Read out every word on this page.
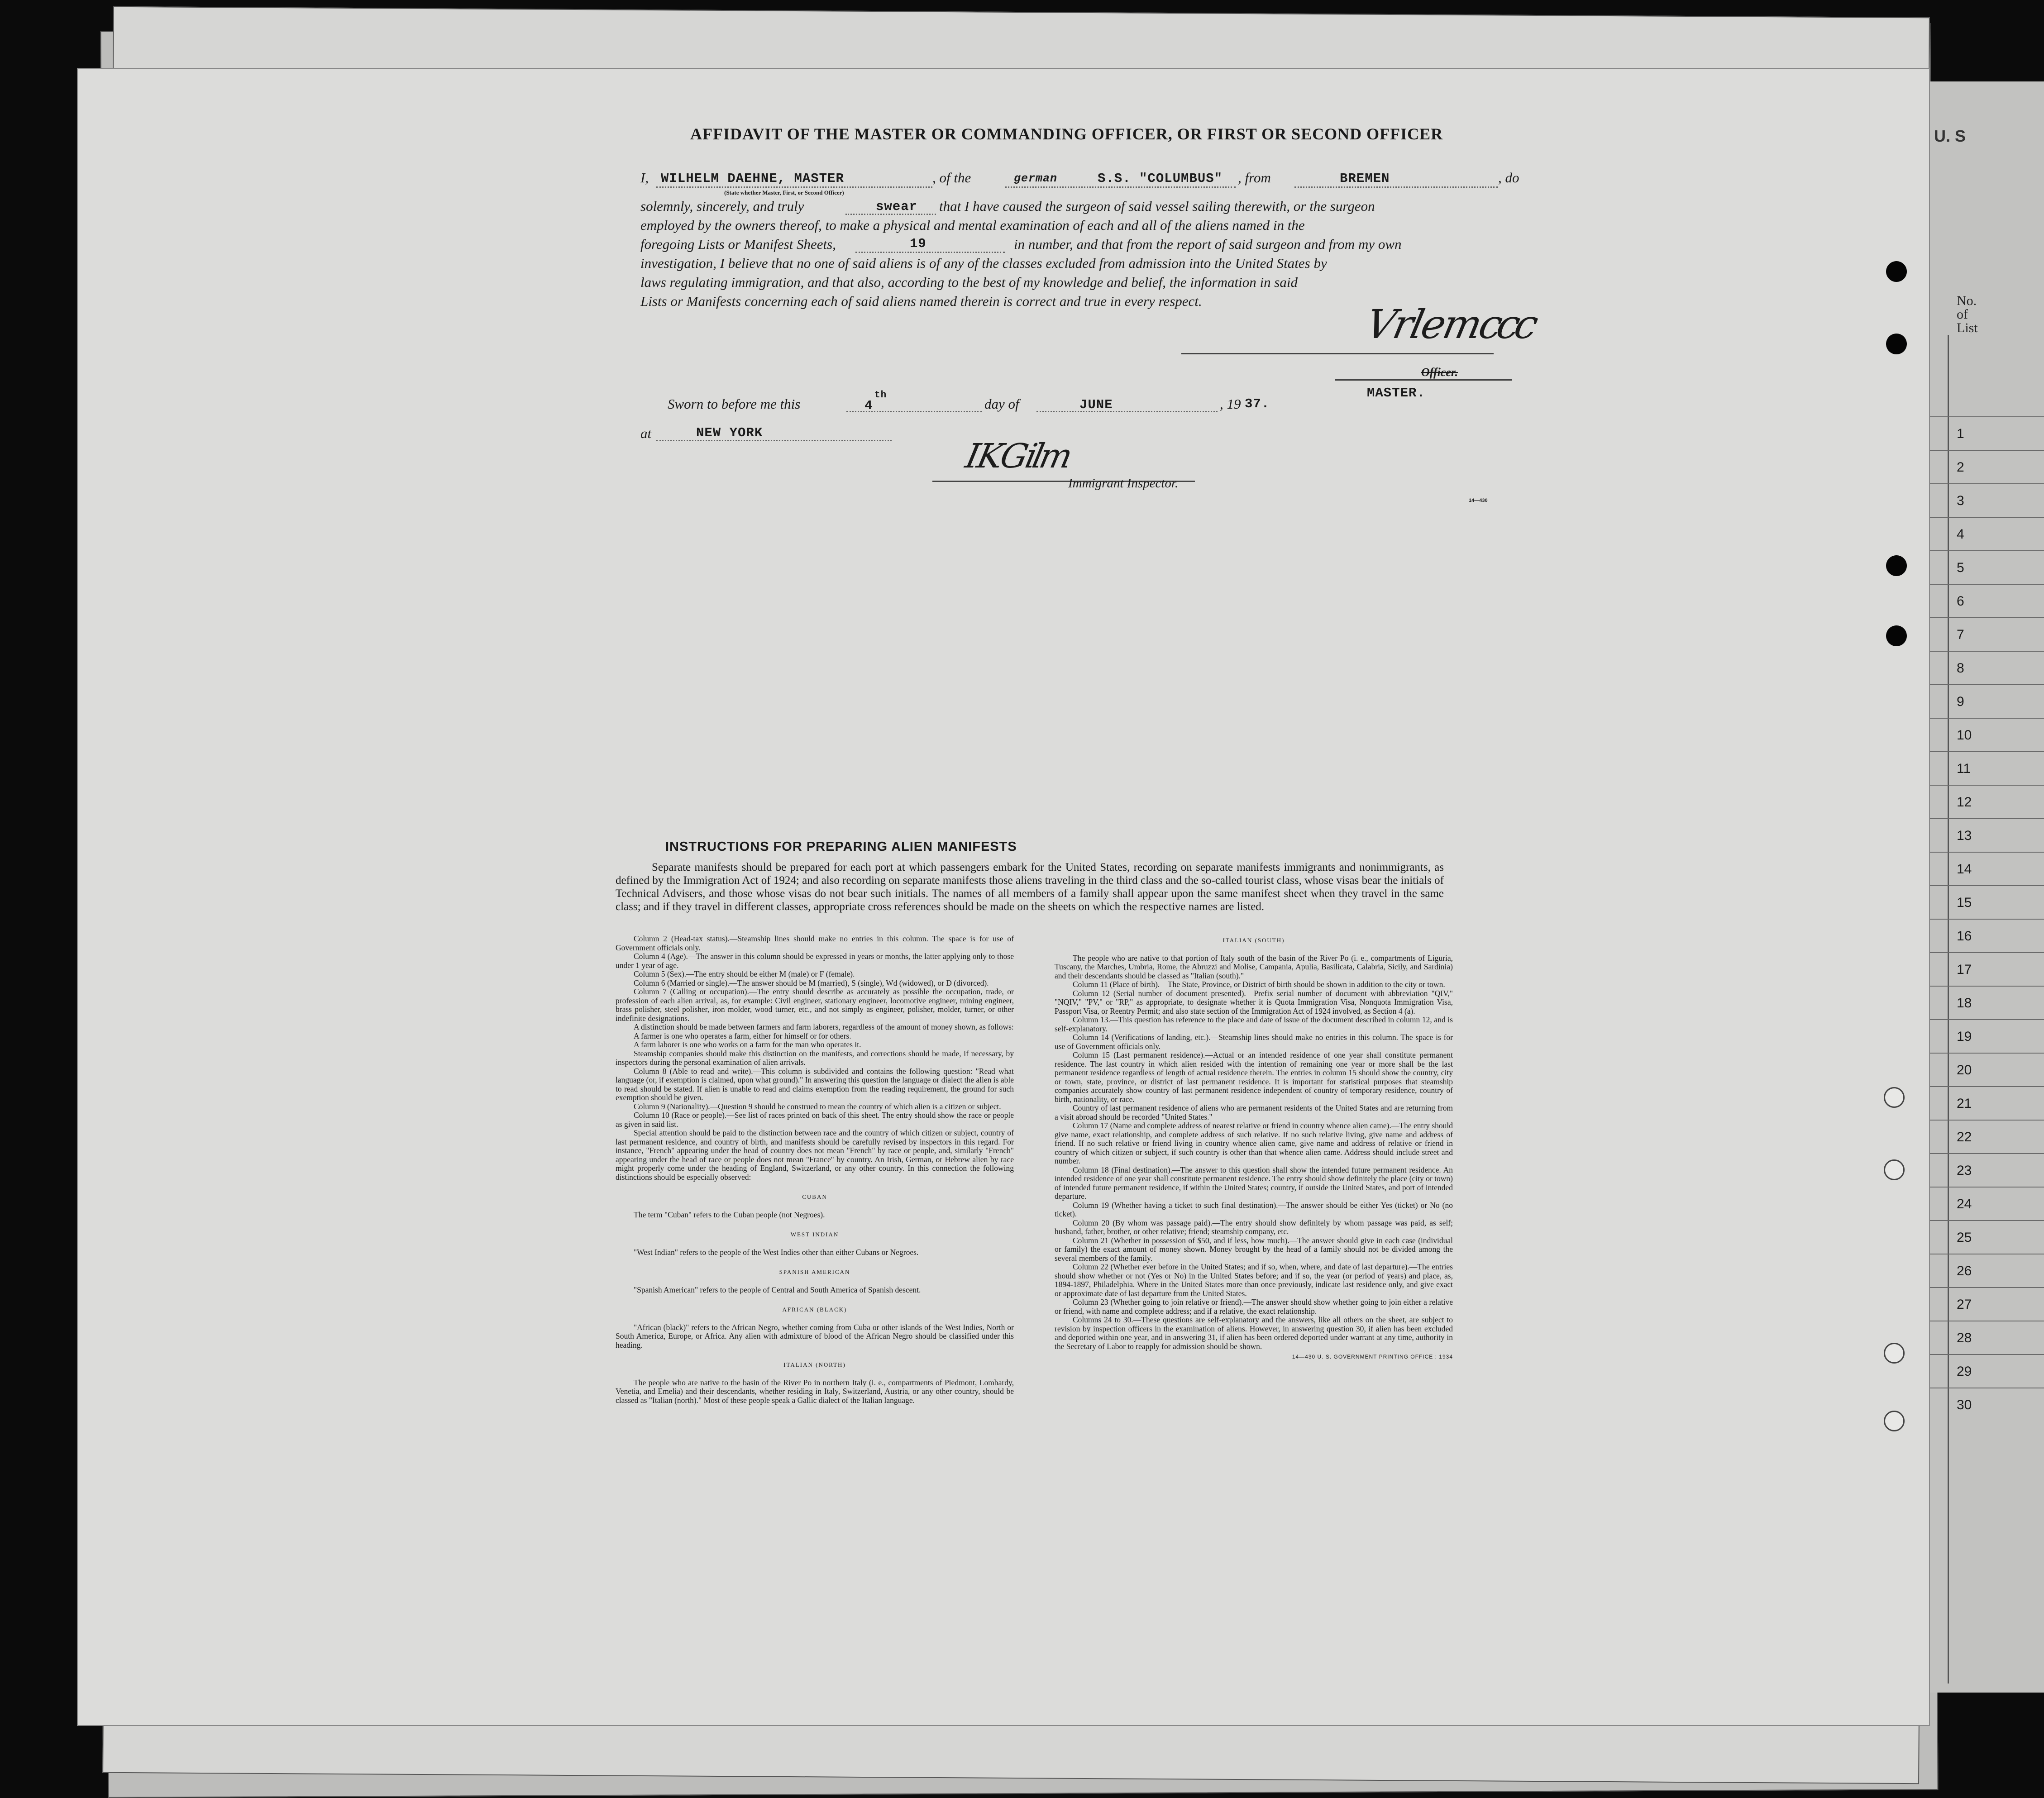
U. S
No.
of
List
1
2
3
4
5
6
7
8
9
10
11
12
13
14
15
16
17
18
19
20
21
22
23
24
25
26
27
28
29
30
AFFIDAVIT OF THE MASTER OR COMMANDING OFFICER, OR FIRST OR SECOND OFFICER
I, WILHELM DAEHNE, MASTER
(State whether Master, First, or Second Officer)
, of the	german	S.S. "COLUMBUS" , from	BREMEN	, do
solemnly, sincerely, and truly	swear that I have caused the surgeon of said vessel sailing therewith, or the surgeon
employed by the owners thereof, to make a physical and mental examination of each and all of the aliens named in the
foregoing Lists or Manifest Sheets,	19	in number, and that from the report of said surgeon and from my own
investigation, I believe that no one of said aliens is of any of the classes excluded from admission into the United States by
laws regulating immigration, and that also, according to the best of my knowledge and belief, the information in said
Lists or Manifests concerning each of said aliens named therein is correct and true in every respect.	Vrlemccc
Officer.
MASTER.
Sworn to before me this	4
th
day of	JUNE	, 19 37.
at	NEW YORK
IKGilm
Immigrant Inspector.
14—430
INSTRUCTIONS FOR PREPARING ALIEN MANIFESTS

Separate manifests should be prepared for each port at which passengers embark for the United States, recording on separate manifests immigrants and nonimmigrants, as defined by the Immigration Act of 1924; and also recording on separate manifests those aliens traveling in the third class and the so-called tourist class, whose visas bear the initials of Technical Advisers, and those whose visas do not bear such initials. The names of all members of a family shall appear upon the same manifest sheet when they travel in the same class; and if they travel in different classes, appropriate cross references should be made on the sheets on which the respective names are listed.

Column 2 (Head-tax status).—Steamship lines should make no entries in this column. The space is for use of Government officials only.

Column 4 (Age).—The answer in this column should be expressed in years or months, the latter applying only to those under 1 year of age.

Column 5 (Sex).—The entry should be either M (male) or F (female).

Column 6 (Married or single).—The answer should be M (married), S (single), Wd (widowed), or D (divorced).

Column 7 (Calling or occupation).—The entry should describe as accurately as possible the occupation, trade, or profession of each alien arrival, as, for example: Civil engineer, stationary engineer, locomotive engineer, mining engineer, brass polisher, steel polisher, iron molder, wood turner, etc., and not simply as engineer, polisher, molder, turner, or other indefinite designations.

A distinction should be made between farmers and farm laborers, regardless of the amount of money shown, as follows:

A farmer is one who operates a farm, either for himself or for others.

A farm laborer is one who works on a farm for the man who operates it.

Steamship companies should make this distinction on the manifests, and corrections should be made, if necessary, by inspectors during the personal examination of alien arrivals.

Column 8 (Able to read and write).—This column is subdivided and contains the following question: "Read what language (or, if exemption is claimed, upon what ground)." In answering this question the language or dialect the alien is able to read should be stated. If alien is unable to read and claims exemption from the reading requirement, the ground for such exemption should be given.

Column 9 (Nationality).—Question 9 should be construed to mean the country of which alien is a citizen or subject.

Column 10 (Race or people).—See list of races printed on back of this sheet. The entry should show the race or people as given in said list.

Special attention should be paid to the distinction between race and the country of which citizen or subject, country of last permanent residence, and country of birth, and manifests should be carefully revised by inspectors in this regard. For instance, "French" appearing under the head of country does not mean "French" by race or people, and, similarly "French" appearing under the head of race or people does not mean "France" by country. An Irish, German, or Hebrew alien by race might properly come under the heading of England, Switzerland, or any other country. In this connection the following distinctions should be especially observed:

CUBAN

The term "Cuban" refers to the Cuban people (not Negroes).

WEST INDIAN

"West Indian" refers to the people of the West Indies other than either Cubans or Negroes.

SPANISH AMERICAN

"Spanish American" refers to the people of Central and South America of Spanish descent.

AFRICAN (BLACK)

"African (black)" refers to the African Negro, whether coming from Cuba or other islands of the West Indies, North or South America, Europe, or Africa. Any alien with admixture of blood of the African Negro should be classified under this heading.

ITALIAN (NORTH)

The people who are native to the basin of the River Po in northern Italy (i. e., compartments of Piedmont, Lombardy, Venetia, and Emelia) and their descendants, whether residing in Italy, Switzerland, Austria, or any other country, should be classed as "Italian (north)." Most of these people speak a Gallic dialect of the Italian language.

ITALIAN (SOUTH)

The people who are native to that portion of Italy south of the basin of the River Po (i. e., compartments of Liguria, Tuscany, the Marches, Umbria, Rome, the Abruzzi and Molise, Campania, Apulia, Basilicata, Calabria, Sicily, and Sardinia) and their descendants should be classed as "Italian (south)."

Column 11 (Place of birth).—The State, Province, or District of birth should be shown in addition to the city or town.

Column 12 (Serial number of document presented).—Prefix serial number of document with abbreviation "QIV," "NQIV," "PV," or "RP," as appropriate, to designate whether it is Quota Immigration Visa, Nonquota Immigration Visa, Passport Visa, or Reentry Permit; and also state section of the Immigration Act of 1924 involved, as Section 4 (a).

Column 13.—This question has reference to the place and date of issue of the document described in column 12, and is self-explanatory.

Column 14 (Verifications of landing, etc.).—Steamship lines should make no entries in this column. The space is for use of Government officials only.

Column 15 (Last permanent residence).—Actual or an intended residence of one year shall constitute permanent residence. The last country in which alien resided with the intention of remaining one year or more shall be the last permanent residence regardless of length of actual residence therein. The entries in column 15 should show the country, city or town, state, province, or district of last permanent residence. It is important for statistical purposes that steamship companies accurately show country of last permanent residence independent of country of temporary residence, country of birth, nationality, or race.

Country of last permanent residence of aliens who are permanent residents of the United States and are returning from a visit abroad should be recorded "United States."

Column 17 (Name and complete address of nearest relative or friend in country whence alien came).—The entry should give name, exact relationship, and complete address of such relative. If no such relative living, give name and address of friend. If no such relative or friend living in country whence alien came, give name and address of relative or friend in country of which citizen or subject, if such country is other than that whence alien came. Address should include street and number.

Column 18 (Final destination).—The answer to this question shall show the intended future permanent residence. An intended residence of one year shall constitute permanent residence. The entry should show definitely the place (city or town) of intended future permanent residence, if within the United States; country, if outside the United States, and port of intended departure.

Column 19 (Whether having a ticket to such final destination).—The answer should be either Yes (ticket) or No (no ticket).

Column 20 (By whom was passage paid).—The entry should show definitely by whom passage was paid, as self; husband, father, brother, or other relative; friend; steamship company, etc.

Column 21 (Whether in possession of $50, and if less, how much).—The answer should give in each case (individual or family) the exact amount of money shown. Money brought by the head of a family should not be divided among the several members of the family.

Column 22 (Whether ever before in the United States; and if so, when, where, and date of last departure).—The entries should show whether or not (Yes or No) in the United States before; and if so, the year (or period of years) and place, as, 1894-1897, Philadelphia. Where in the United States more than once previously, indicate last residence only, and give exact or approximate date of last departure from the United States.

Column 23 (Whether going to join relative or friend).—The answer should show whether going to join either a relative or friend, with name and complete address; and if a relative, the exact relationship.

Columns 24 to 30.—These questions are self-explanatory and the answers, like all others on the sheet, are subject to revision by inspection officers in the examination of aliens. However, in answering question 30, if alien has been excluded and deported within one year, and in answering 31, if alien has been ordered deported under warrant at any time, authority in the Secretary of Labor to reapply for admission should be shown.

14—430 U. S. GOVERNMENT PRINTING OFFICE : 1934
